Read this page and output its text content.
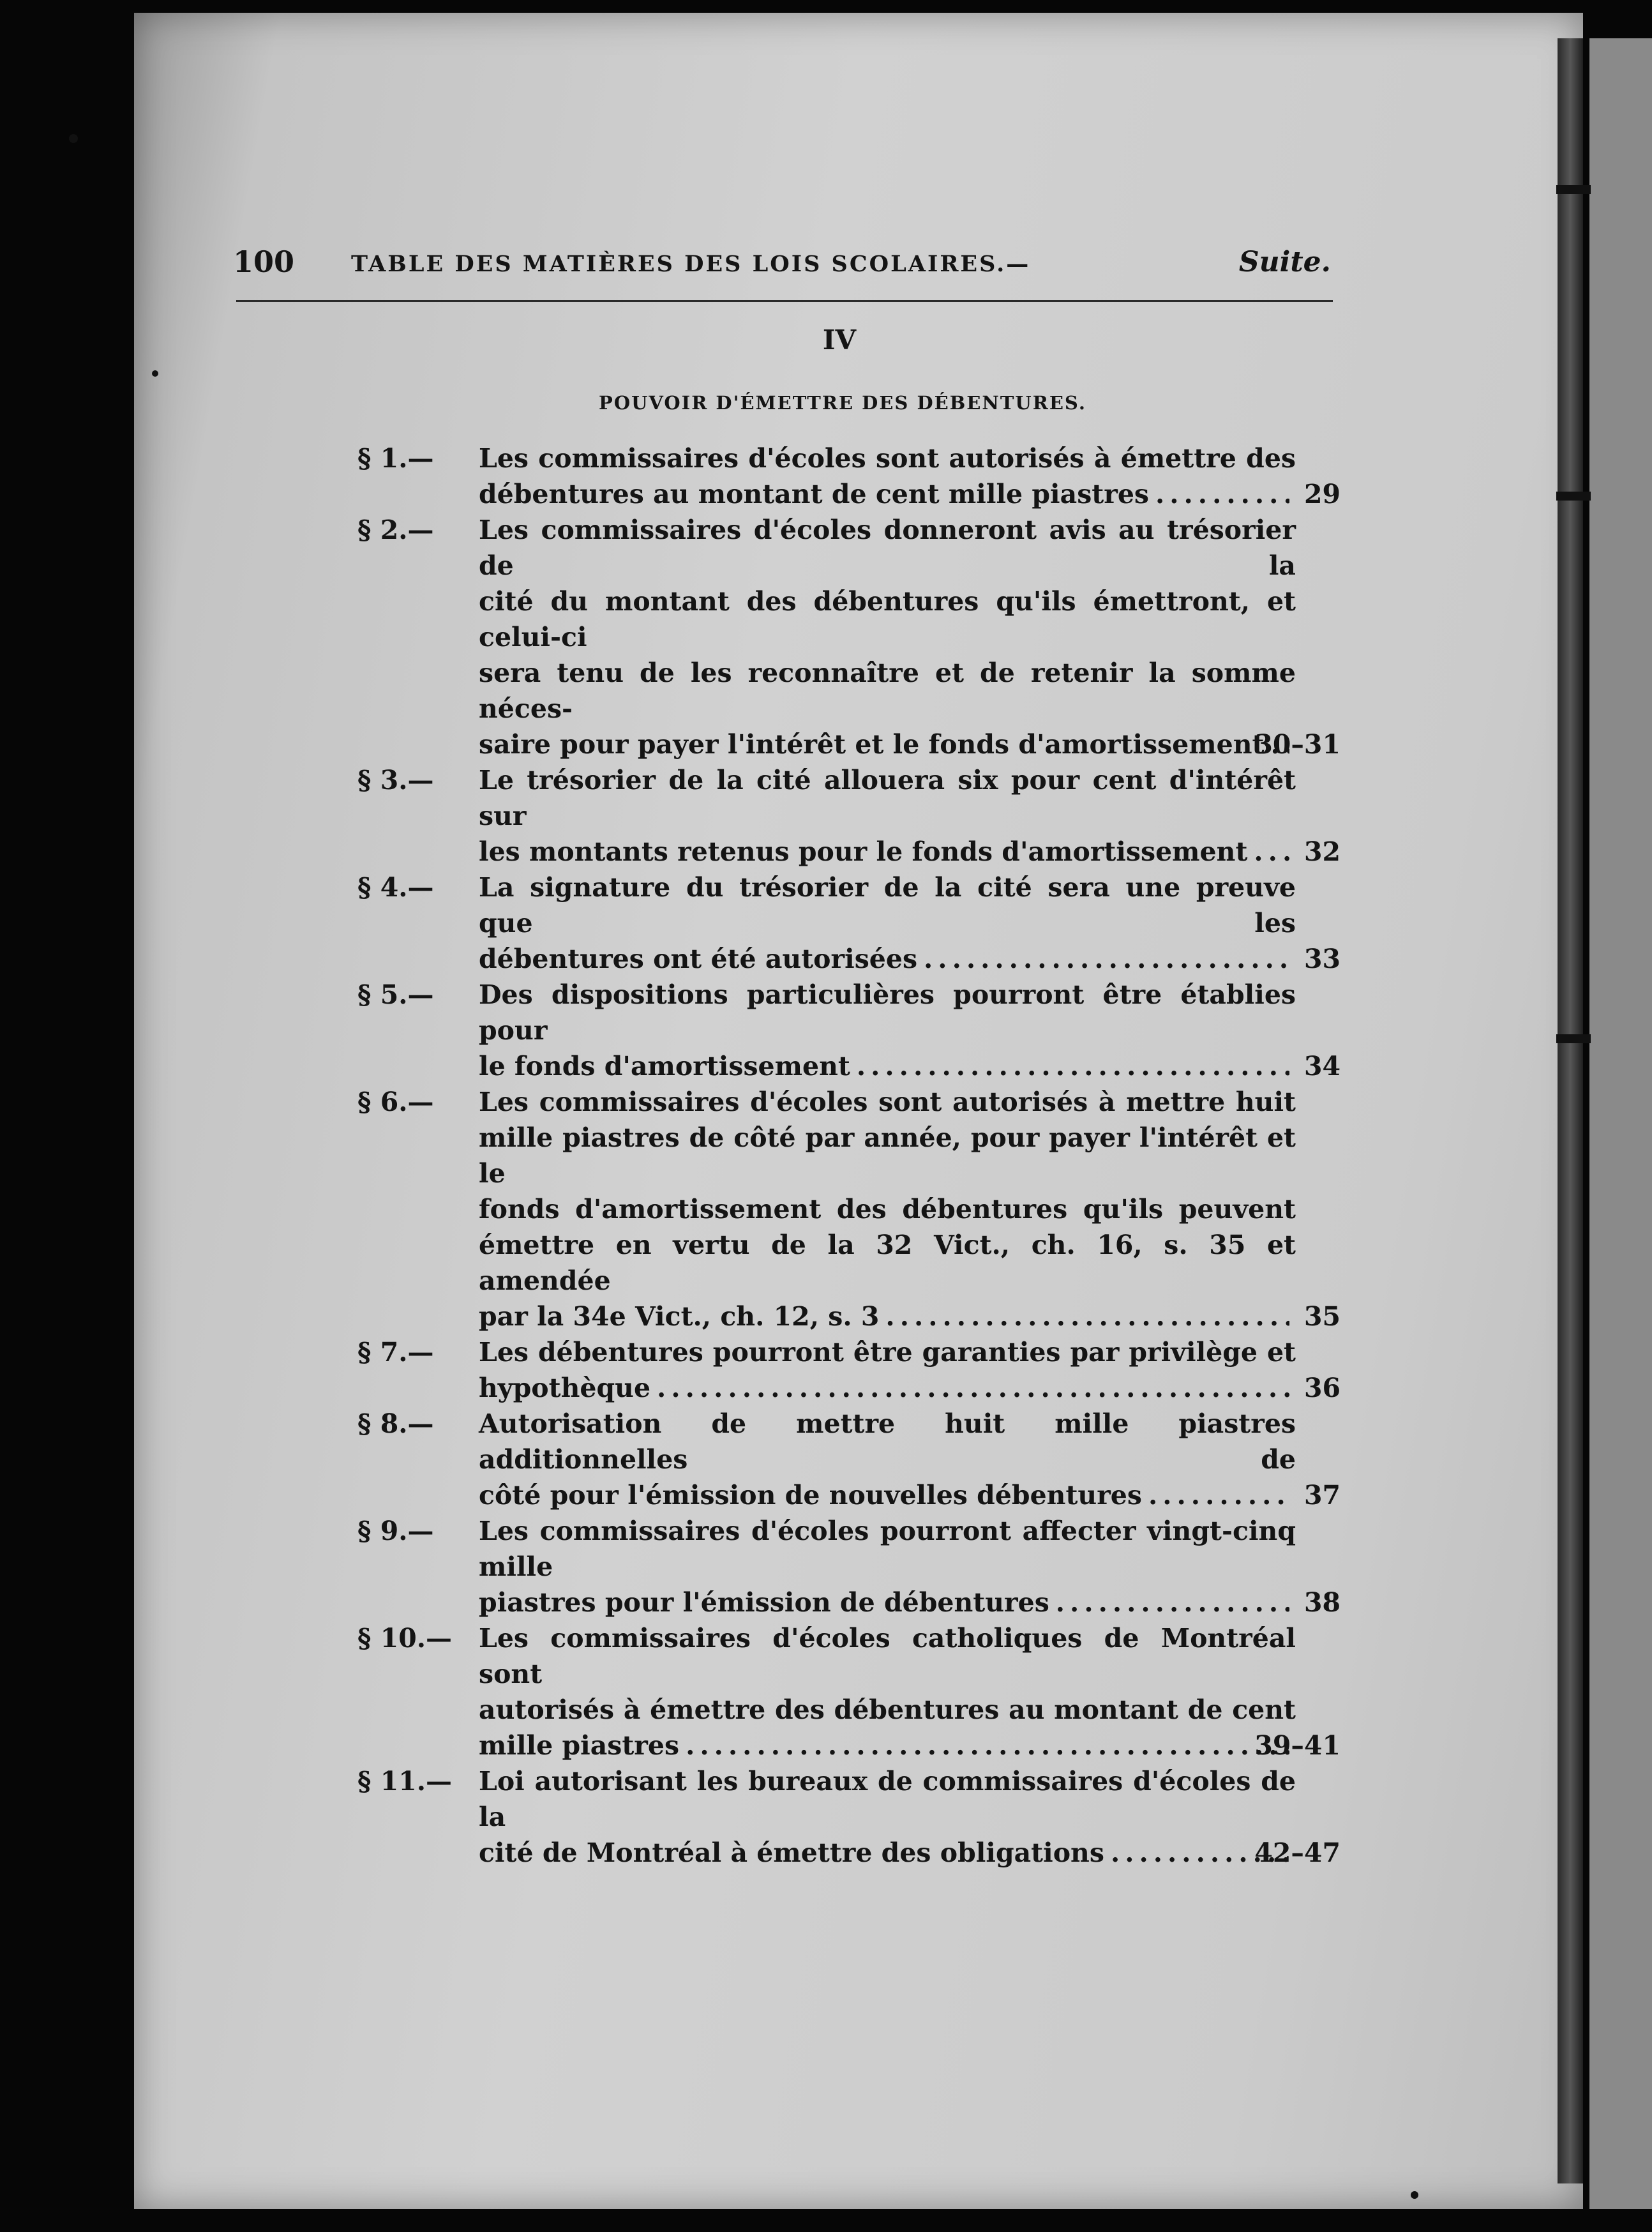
100	TABLE DES MATIÈRES DES LOIS SCOLAIRES.—	Suite.
IV
POUVOIR D'ÉMETTRE DES DÉBENTURES.
§ 1.— Les commissaires d'écoles sont autorisés à émettre des
débentures au montant de cent mille piastres .....	29
§ 2.— Les commissaires d'écoles donneront avis au trésorier de la
cité du montant des débentures qu'ils émettront, et celui-ci
sera tenu de les reconnaître et de retenir la somme néces-
saire pour payer l'intérêt et le fonds d'amortissement
.....
30–31
§ 3.— Le trésorier de la cité allouera six pour cent d'intérêt sur
les montants retenus pour le fonds d'amortissement .....	32
§ 4.— La signature du trésorier de la cité sera une preuve que les
débentures ont été autorisées .....	33
§ 5.— Des dispositions particulières pourront être établies pour
le fonds d'amortissement .....	34
§ 6.— Les commissaires d'écoles sont autorisés à mettre huit
mille piastres de côté par année, pour payer l'intérêt et le
fonds d'amortissement des débentures qu'ils peuvent
émettre en vertu de la 32 Vict., ch. 16, s. 35 et amendée
par la 34e Vict., ch. 12, s. 3 .....	35
§ 7.— Les débentures pourront être garanties par privilège et
hypothèque .....	36
§ 8.— Autorisation de mettre huit mille piastres additionnelles de
côté pour l'émission de nouvelles débentures .....	37
§ 9.— Les commissaires d'écoles pourront affecter vingt-cinq mille
piastres pour l'émission de débentures .....	38
§ 10.— Les commissaires d'écoles catholiques de Montréal sont
autorisés à émettre des débentures au montant de cent
mille piastres .....	39–41
§ 11.— Loi autorisant les bureaux de commissaires d'écoles de la
cité de Montréal à émettre des obligations .....	42–47
